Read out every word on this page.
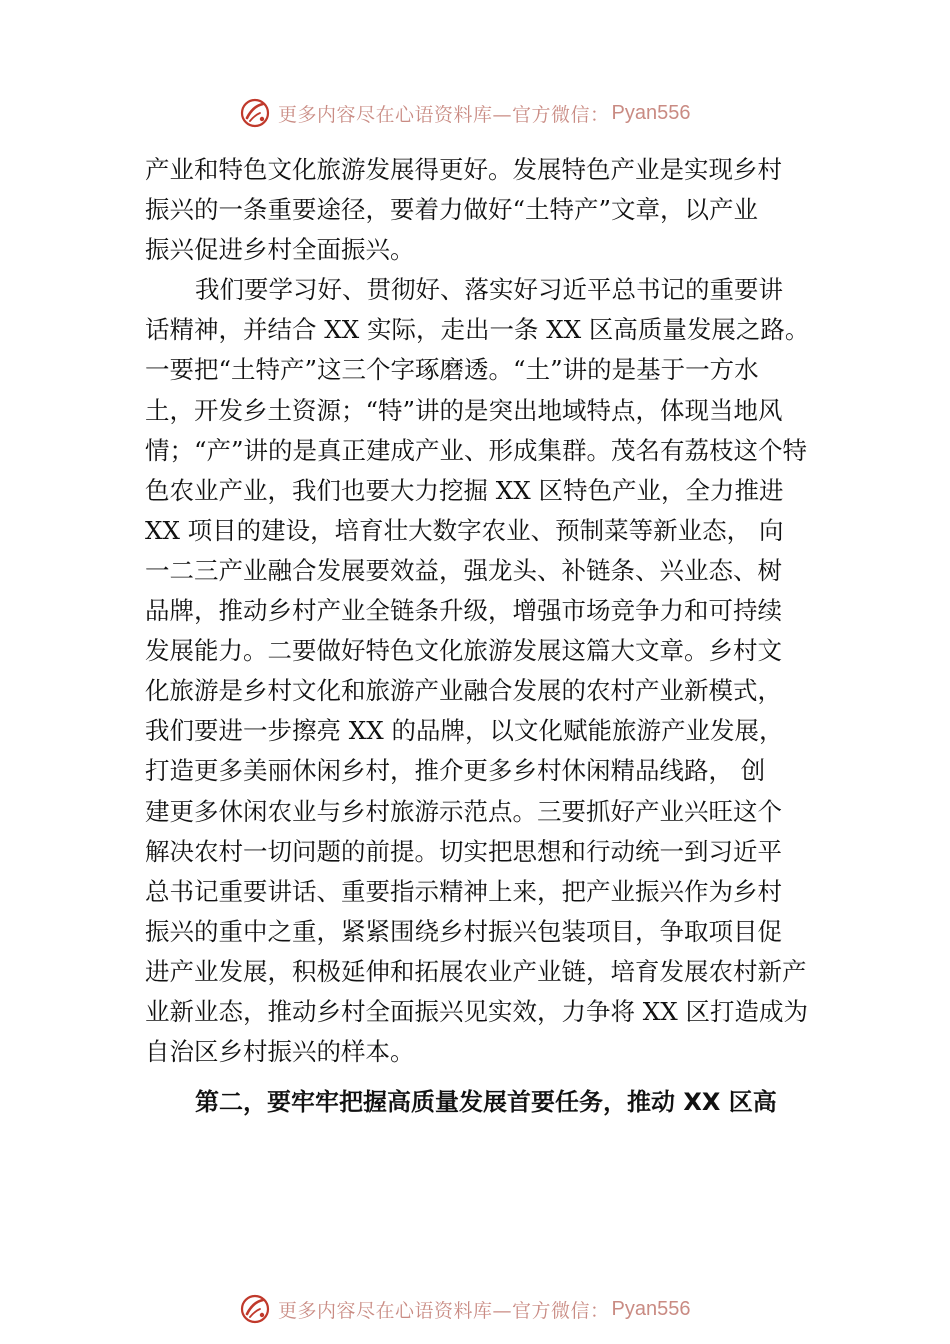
更多内容尽在心语资料库—官方微信： Pyan556

产业和特色文化旅游发展得更好。发展特色产业是实现乡村
振兴的一条重要途径，要着力做好“土特产”文章，以产业
振兴促进乡村全面振兴。

我们要学习好、贯彻好、落实好习近平总书记的重要讲
话精神，并结合 XX 实际，走出一条 XX 区高质量发展之路。
一要把“土特产”这三个字琢磨透。“土”讲的是基于一方水
土，开发乡土资源；“特”讲的是突出地域特点，体现当地风
情；“产”讲的是真正建成产业、形成集群。茂名有荔枝这个特
色农业产业，我们也要大力挖掘 XX 区特色产业，全力推进
XX 项目的建设，培育壮大数字农业、预制菜等新业态， 向
一二三产业融合发展要效益，强龙头、补链条、兴业态、树
品牌，推动乡村产业全链条升级，增强市场竞争力和可持续
发展能力。二要做好特色文化旅游发展这篇大文章。乡村文
化旅游是乡村文化和旅游产业融合发展的农村产业新模式，
我们要进一步擦亮 XX 的品牌，以文化赋能旅游产业发展，
打造更多美丽休闲乡村，推介更多乡村休闲精品线路， 创
建更多休闲农业与乡村旅游示范点。三要抓好产业兴旺这个
解决农村一切问题的前提。切实把思想和行动统一到习近平
总书记重要讲话、重要指示精神上来，把产业振兴作为乡村
振兴的重中之重，紧紧围绕乡村振兴包装项目，争取项目促
进产业发展，积极延伸和拓展农业产业链，培育发展农村新产
业新业态，推动乡村全面振兴见实效，力争将 XX 区打造成为
自治区乡村振兴的样本。

第二，要牢牢把握高质量发展首要任务，推动 XX 区高

更多内容尽在心语资料库—官方微信： Pyan556
